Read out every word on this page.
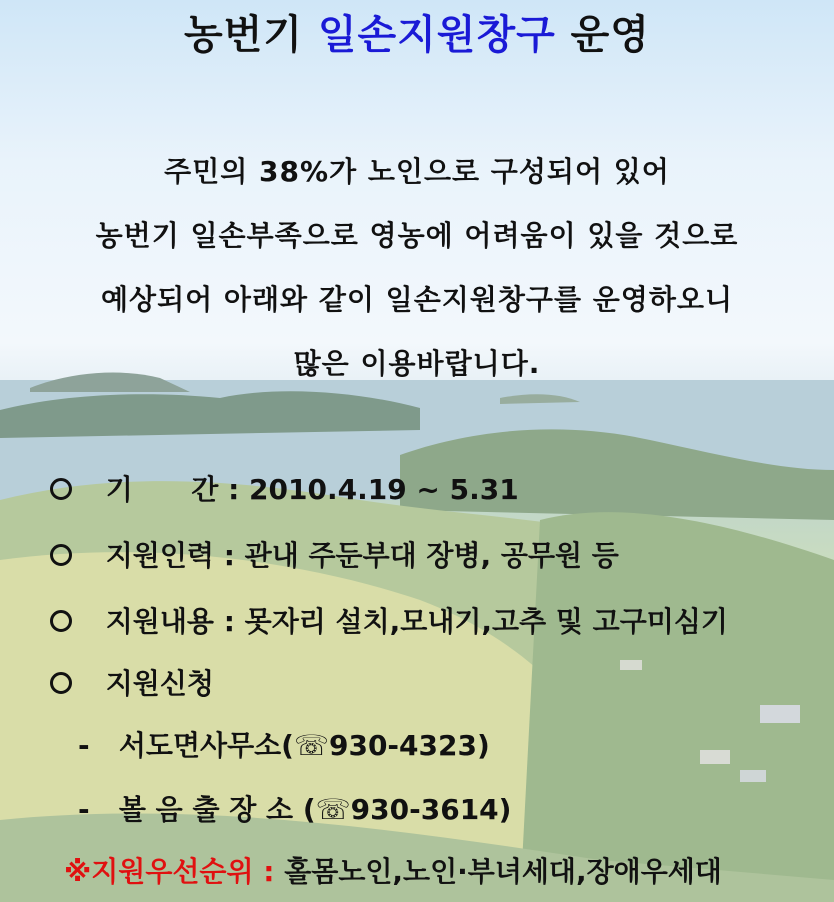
농번기 일손지원창구 운영
주민의 38%가 노인으로 구성되어 있어
농번기 일손부족으로 영농에 어려움이 있을 것으로
예상되어 아래와 같이 일손지원창구를 운영하오니
많은 이용바랍니다.
기      간 : 2010.4.19 ~ 5.31
지원인력 : 관내 주둔부대 장병, 공무원 등
지원내용 : 못자리 설치,모내기,고추 및 고구미심기
지원신청
- 서도면사무소(☏930-4323)
- 볼 음 출 장 소 (☏930-3614)
※지원우선순위 : 홀몸노인,노인·부녀세대,장애우세대
